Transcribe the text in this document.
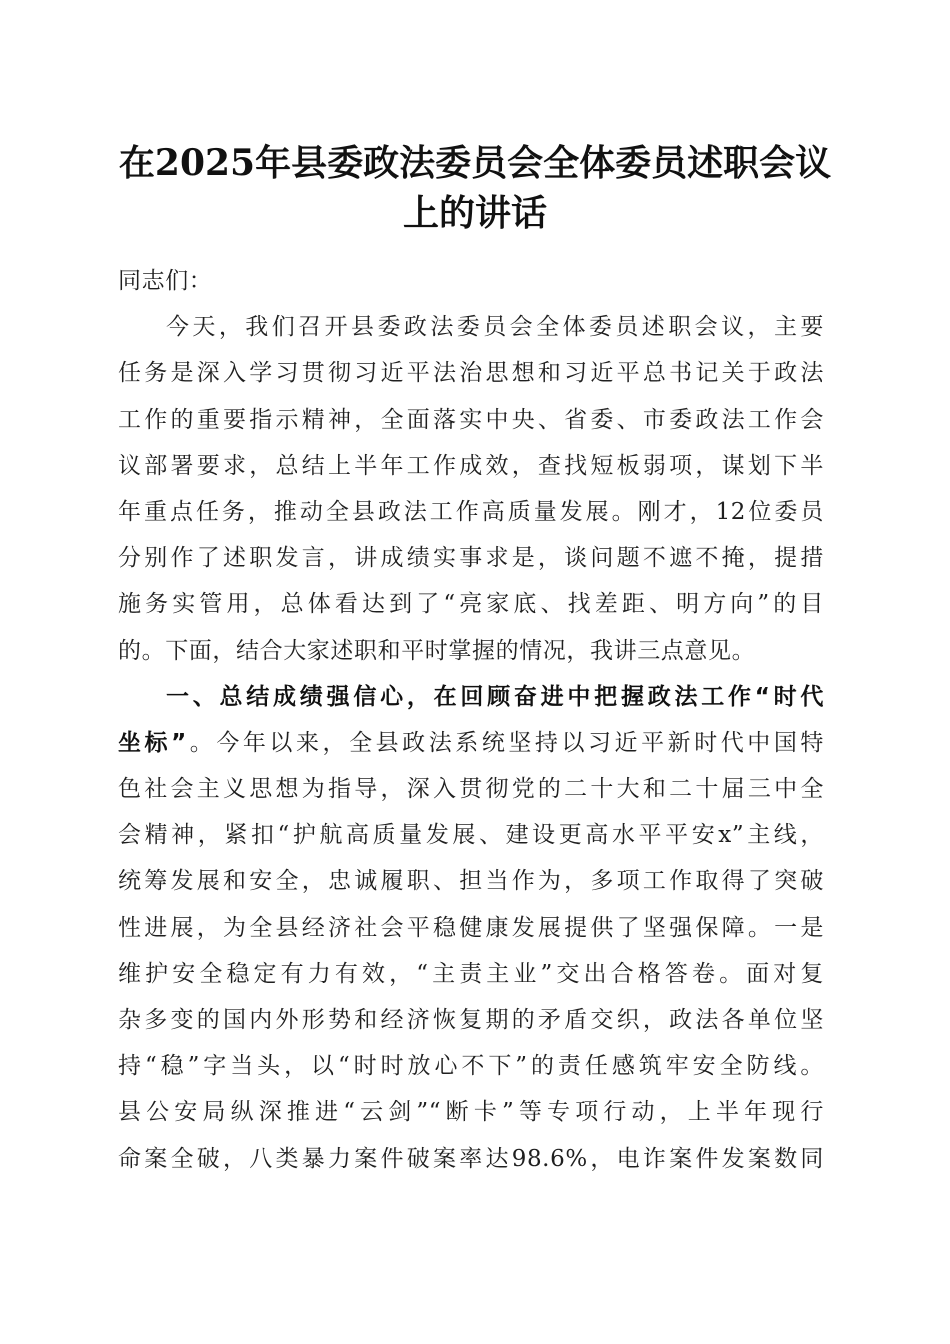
在2025年县委政法委员会全体委员述职会议
上的讲话
同志们：
今天，我们召开县委政法委员会全体委员述职会议，主要
任务是深入学习贯彻习近平法治思想和习近平总书记关于政法
工作的重要指示精神，全面落实中央、省委、市委政法工作会
议部署要求，总结上半年工作成效，查找短板弱项，谋划下半
年重点任务，推动全县政法工作高质量发展。刚才，12位委员
分别作了述职发言，讲成绩实事求是，谈问题不遮不掩，提措
施务实管用，总体看达到了“亮家底、找差距、明方向”的目
的。下面，结合大家述职和平时掌握的情况，我讲三点意见。
一、总结成绩强信心，在回顾奋进中把握政法工作“时代
坐标”。今年以来，全县政法系统坚持以习近平新时代中国特
色社会主义思想为指导，深入贯彻党的二十大和二十届三中全
会精神，紧扣“护航高质量发展、建设更高水平平安x”主线，
统筹发展和安全，忠诚履职、担当作为，多项工作取得了突破
性进展，为全县经济社会平稳健康发展提供了坚强保障。一是
维护安全稳定有力有效，“主责主业”交出合格答卷。面对复
杂多变的国内外形势和经济恢复期的矛盾交织，政法各单位坚
持“稳”字当头，以“时时放心不下”的责任感筑牢安全防线。
县公安局纵深推进“云剑”“断卡”等专项行动，上半年现行
命案全破，八类暴力案件破案率达98.6%，电诈案件发案数同
